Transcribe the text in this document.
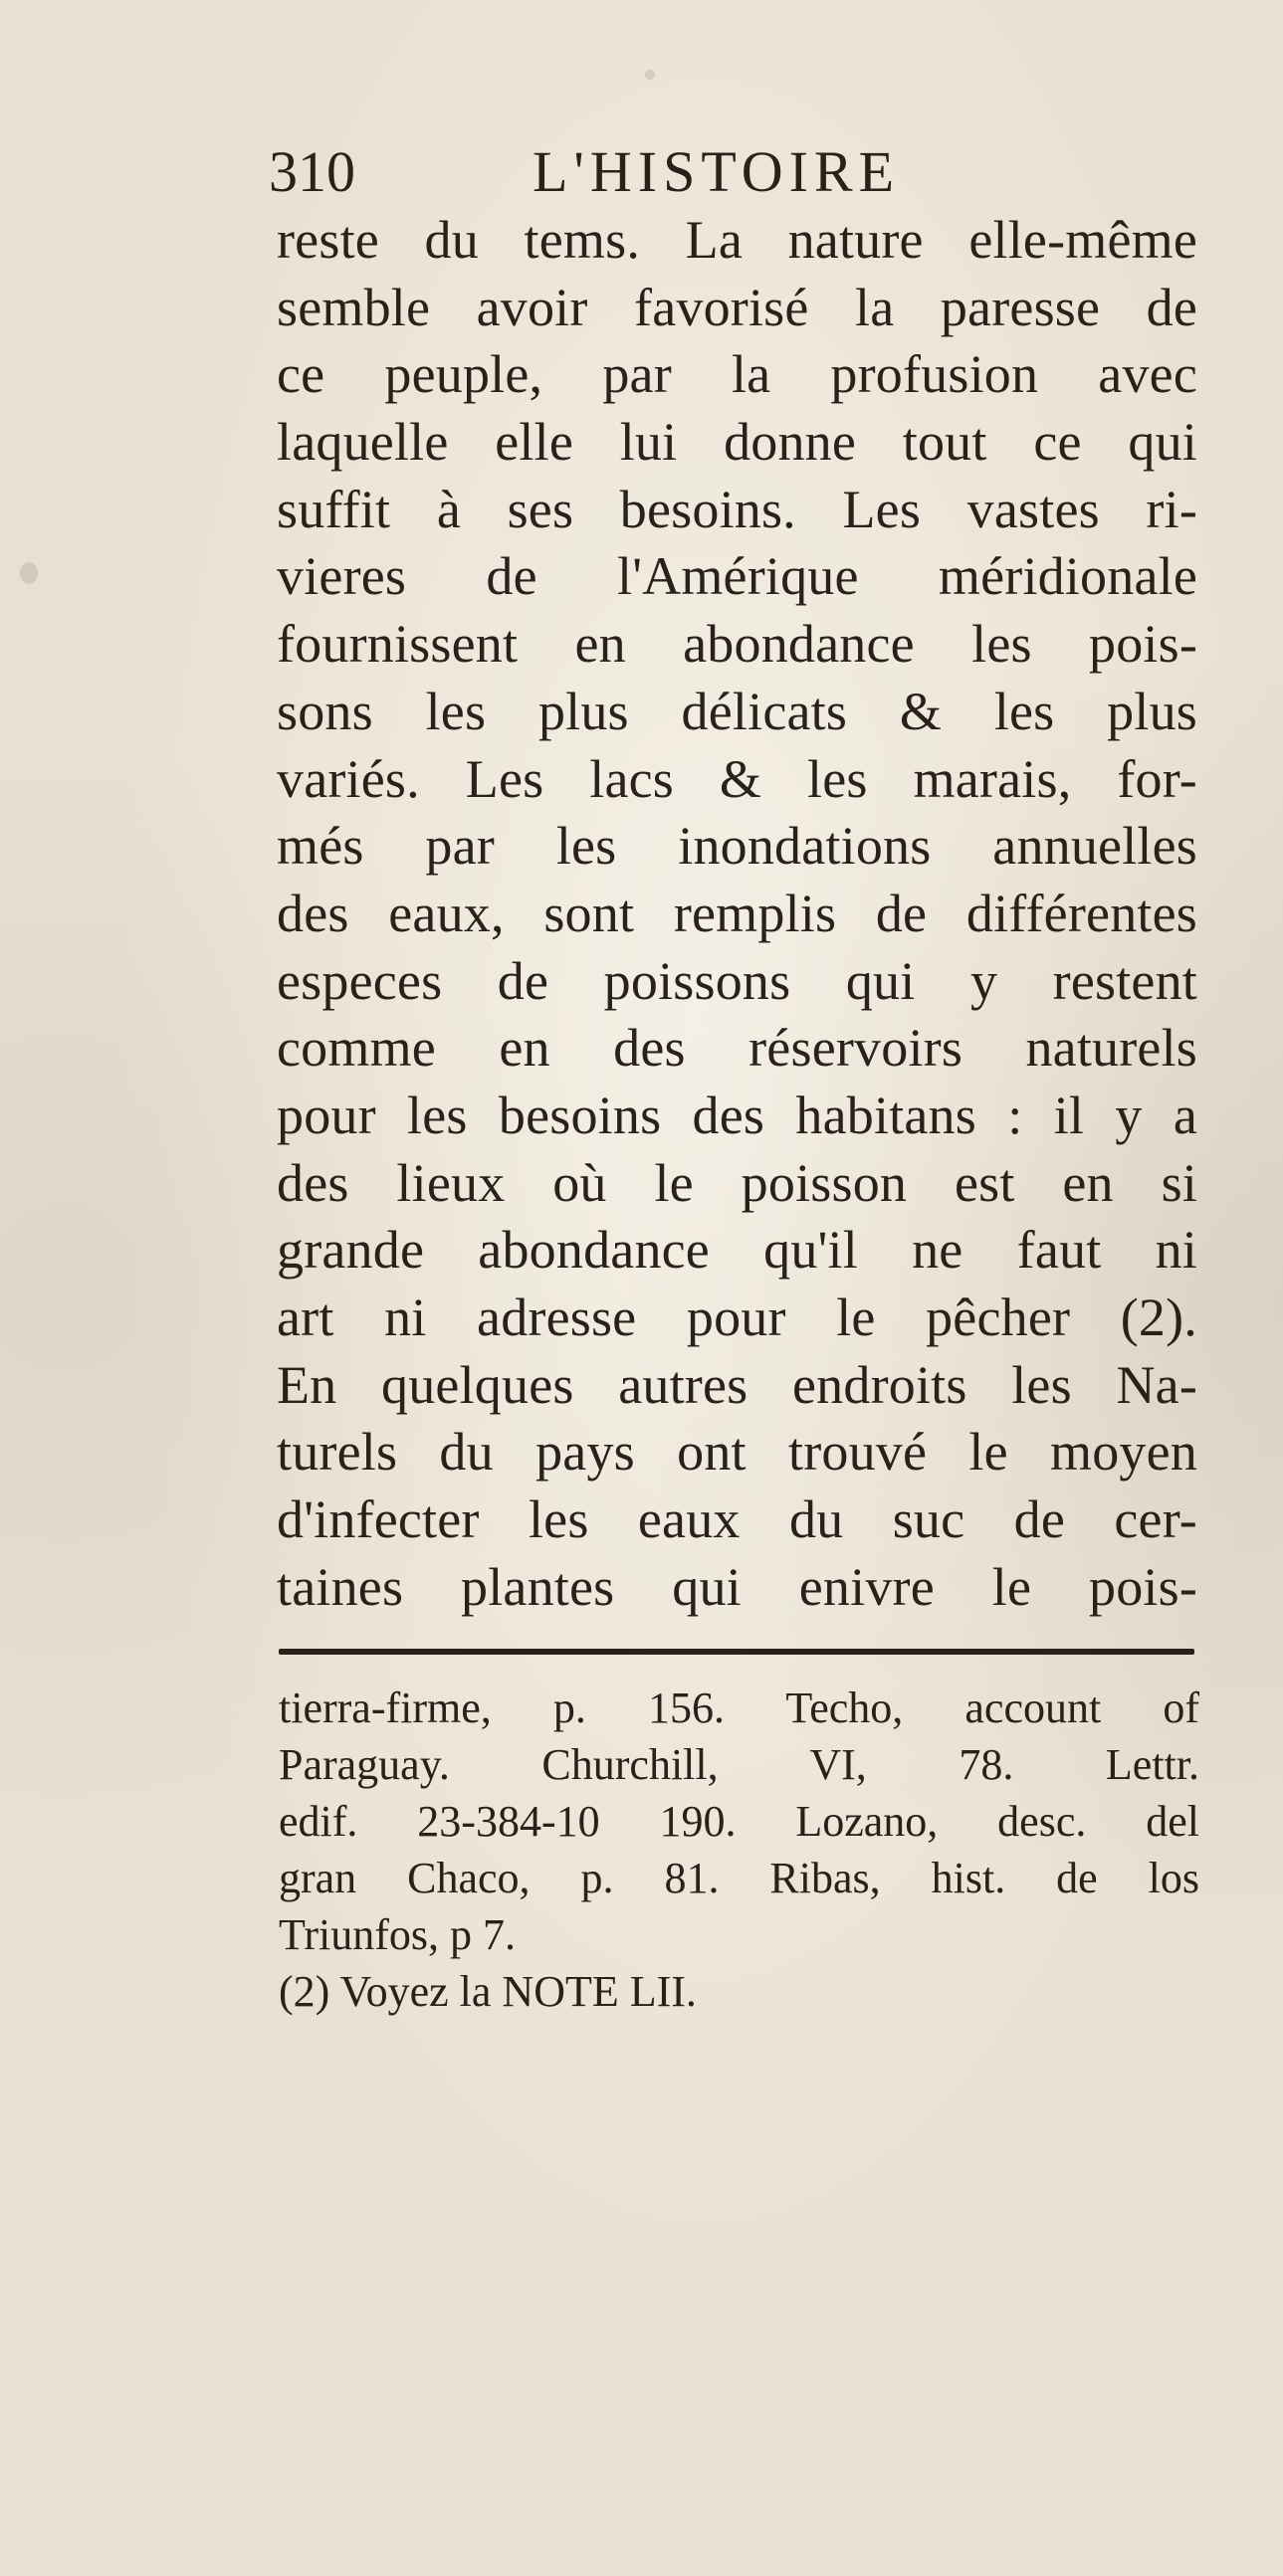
310	L'HISTOIRE
reste du tems. La nature elle-même
semble avoir favorisé la paresse de
ce peuple, par la profusion avec
laquelle elle lui donne tout ce qui
suffit à ses besoins. Les vastes ri-
vieres de l'Amérique méridionale
fournissent en abondance les pois-
sons les plus délicats & les plus
variés. Les lacs & les marais, for-
més par les inondations annuelles
des eaux, sont remplis de différentes
especes de poissons qui y restent
comme en des réservoirs naturels
pour les besoins des habitans : il y a
des lieux où le poisson est en si
grande abondance qu'il ne faut ni
art ni adresse pour le pêcher (2).
En quelques autres endroits les Na-
turels du pays ont trouvé le moyen
d'infecter les eaux du suc de cer-
taines plantes qui enivre le pois-
tierra-firme, p. 156. Techo, account of
Paraguay. Churchill, VI, 78. Lettr.
edif. 23-384-10 190. Lozano, desc. del
gran Chaco, p. 81. Ribas, hist. de los
Triunfos, p 7.
(2) Voyez la NOTE LII.
